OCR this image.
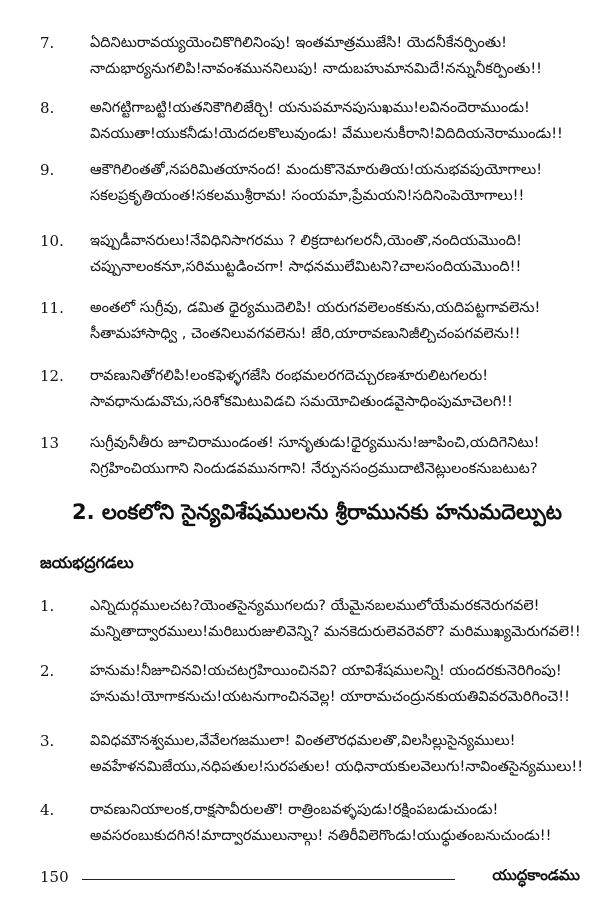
7.	ఏదినిటురావయ్యయెంచికొగిలినింపు! ఇంతమాత్రముజేసి! యెదనీకేనర్పింతు!
నాదుభార్యనుగలిపి!నావంశముననిలుపు! నాదుబహుమానమిదే!నన్నునీకర్పింతు!!
8.	అనిగట్టిగాబట్టి!యతనికౌగిలిజేర్చి! యనుపమానపుసుఖము!లవినందెరాముండు!
వినయుతా!యుకనీడు!యెదదలకొలువుండు! వేములనుకీరాని!విదిదియనెరాముండు!!
9.	ఆకౌగిలింతతో,నపరిమితయానంద! మందుకొనెమారుతియ!యనుభవపుయోగాలు!
సకలప్రకృతియంత!సకలముశ్రీరామ! సంయమా,ప్రేమయని!సదినింపెయోగాలు!!
10.	ఇప్పుడీవానరులు!నేవిధినిసాగరము ? లిక్రదాటగలరనీ,యెంతొ,నందియమొంది!
చప్పునాలంకనూ,సరిముట్టడించగా! సాధనములేమిటని?చాలసందియమొంది!!
11.	అంతలో సుగ్రీవు, డమిత ధైర్యముదెలిపి! యరుగవలెలంకకును,యదిపట్టగావలెను!
సీతామహాసాధ్వి , చెంతనిలువగవలెను! జేరి,యారావణునిజీల్చిచంపగవలెను!!
12.	రావణునితోగలిపి!లంకఫెళ్ళగజేసి రంభమలరగదెచ్చురణశూరులిటగలరు!
సావధానుడువొచు,సరిశోకమిటువిడచి సమయోచితుండవైసాధింపుమాచెలగి!!
13	సుగ్రీవునీతీరు జూచిరాముండంత! సూనృతుడు!ధైర్యమును!జూపించి,యదిగెనిటు!
నిగ్రహించియుగాని నిందుడవమునగాని! నేర్పునసంద్రముదాటినెట్లులంకనుబటుట?
2. లంకలోని సైన్యవిశేషములను శ్రీరామునకు హనుమదెల్పుట
జయభద్రగడలు
1.	ఎన్నిదుర్గములచట?యెంతసైన్యముగలదు? యేమైనబలములోయేమరకనెరుగవలె!
మన్నితాద్వారములు!మరిబురుజులివెన్ని? మనకెదురులెవరెవరొ? మరిముఖ్యమెరుగవలె!!
2.	హనుమ!నీజూచినవి!యచటగ్రహియించినవి? యావిశేషములన్ని! యందరకునెరిగింపు!
హనుమ!యోగాకనుచు!యటనుగాంచినవెల్ల! యారామచంద్రునకుయతివివరమెరిగించె!!
3.	వివిధమౌనశ్వముల,వేవేలగజములా! వింతలౌరధమలతొ,విలసిల్లుసైన్యములు!
అవహేళనమిజేయు,నధిపతుల!సురపతుల! యధినాయకులవెలుగు!నావింతసైన్యములు!!
4.	రావణునియాలంక,రాక్షసావీరులతొ! రాత్రింబవళ్ళపుడు!రక్షింపబడుచుండు!
అవసరంబుకుదగిన!మాద్వారములునాల్గు! నతిరీవిలెగొండు!యుధ్ధుతంబనుచుండు!!
150	యుద్ధకాండము
